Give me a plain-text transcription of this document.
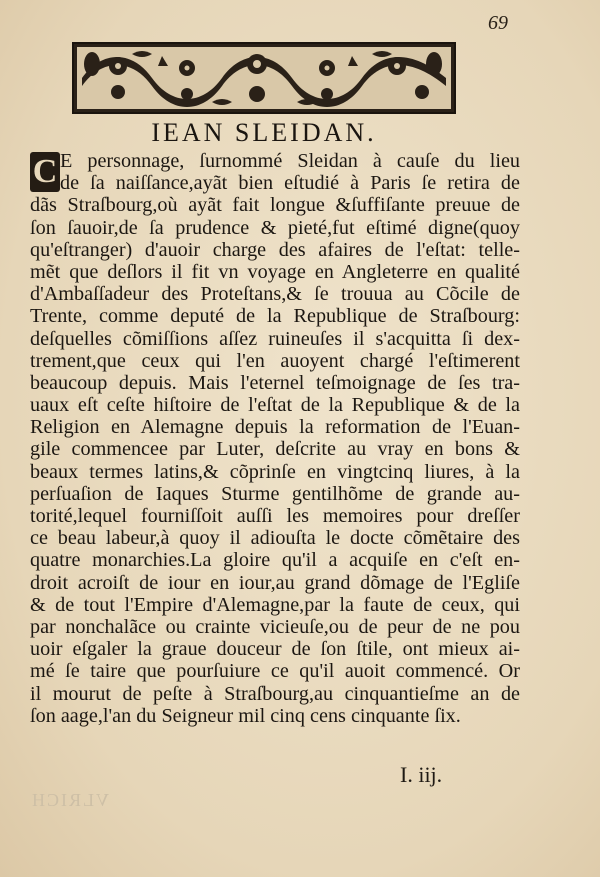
69
IEAN SLEIDAN.
C E personnage, ſurnommé Sleidan à cauſe du lieu
de ſa naiſſance,ayãt bien eſtudié à Paris ſe retira de
dãs Straſbourg,où ayãt fait longue &ſuffiſante preuue de
ſon ſauoir,de ſa prudence & pieté,fut eſtimé digne(quoy
qu'eſtranger) d'auoir charge des afaires de l'eſtat: telle-
mẽt que deſlors il fit vn voyage en Angleterre en qualité
d'Ambaſſadeur des Proteſtans,& ſe trouua au Cõcile de
Trente, comme deputé de la Republique de Straſbourg:
deſquelles cõmiſſions aſſez ruineuſes il s'acquitta ſi dex-
trement,que ceux qui l'en auoyent chargé l'eſtimerent
beaucoup depuis. Mais l'eternel teſmoignage de ſes tra-
uaux eſt ceſte hiſtoire de l'eſtat de la Republique & de la
Religion en Alemagne depuis la reformation de l'Euan-
gile commencee par Luter, deſcrite au vray en bons &
beaux termes latins,& cõprinſe en vingtcinq liures, à la
perſuaſion de Iaques Sturme gentilhõme de grande au-
torité,lequel fourniſſoit auſſi les memoires pour dreſſer
ce beau labeur,à quoy il adiouſta le docte cõmẽtaire des
quatre monarchies.La gloire qu'il a acquiſe en c'eſt en-
droit acroiſt de iour en iour,au grand dõmage de l'Egliſe
& de tout l'Empire d'Alemagne,par la faute de ceux, qui
par nonchalãce ou crainte vicieuſe,ou de peur de ne pou
uoir eſgaler la graue douceur de ſon ſtile, ont mieux ai-
mé ſe taire que pourſuiure ce qu'il auoit commencé. Or
il mourut de peſte à Straſbourg,au cinquantieſme an de
ſon aage,l'an du Seigneur mil cinq cens cinquante ſix.
I. iij.
VLRICH
